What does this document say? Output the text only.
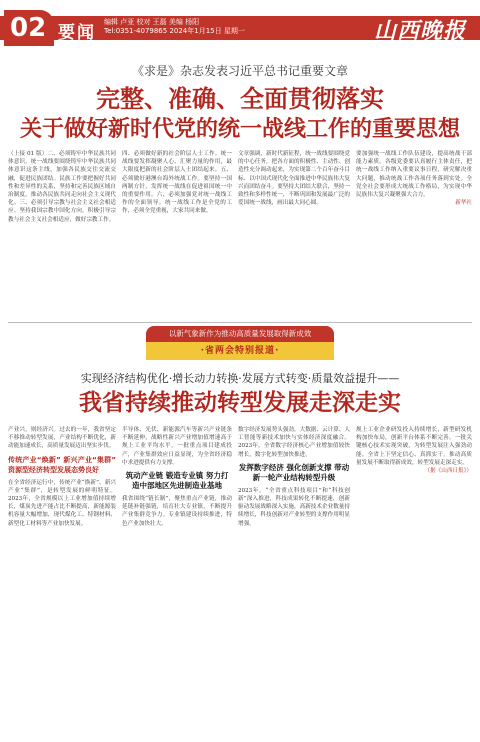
02 要闻
编辑 卢亚 校对 王磊 美编 杨阳
Tel:0351-4079865 2024年1月15日 星期一	山西晚报
《求是》杂志发表习近平总书记重要文章
完整、准确、全面贯彻落实
关于做好新时代党的统一战线工作的重要思想
（上接 01 版）二、必须铸牢中华民族共同体意识。统一战线要围绕铸牢中华民族共同体意识这条主线，加强各民族交往交流交融，促进民族团结。民族工作要把握好共同性和差异性的关系，坚持和完善民族区域自治制度，推动各民族共同走向社会主义现代化。三、必须引导宗教与社会主义社会相适应。坚持我国宗教中国化方向，积极引导宗教与社会主义社会相适应，做好宗教工作。
四、必须做好新的社会阶层人士工作。统一战线要发挥凝聚人心、汇聚力量的作用，最大限度把新的社会阶层人士团结起来。五、必须做好港澳台海外统战工作。要坚持一国两制方针，发挥统一战线在促进祖国统一中的重要作用。六、必须加强党对统一战线工作的全面领导。统一战线工作是全党的工作，必须全党重视，大家共同来做。
文章强调，新时代新征程，统一战线要围绕党的中心任务，把各方面的积极性、主动性、创造性充分调动起来，为实现第二个百年奋斗目标、以中国式现代化全面推进中华民族伟大复兴而团结奋斗。要坚持大团结大联合，坚持一致性和多样性统一，不断巩固和发展最广泛的爱国统一战线，画出最大同心圆。
要加强统一战线工作队伍建设，提高统战干部能力素质。各级党委要认真履行主体责任，把统一战线工作纳入重要议事日程，研究解决重大问题，推动统战工作各项任务落到实处。全党全社会要形成大统战工作格局，为实现中华民族伟大复兴凝聚强大合力。
新华社
以新气象新作为推动高质量发展取得新成效
·省两会特别报道·
实现经济结构优化·增长动力转换·发展方式转变·质量效益提升——
我省持续推动转型发展走深走实
产业兴，则经济兴。过去的一年，我省坚定不移推动转型发展，产业结构不断优化，新动能加速成长，高质量发展迈出坚实步伐。
传统产业“焕新” 新兴产业“集群” 资源型经济转型发展态势良好
在全省经济运行中，传统产业“焕新”、新兴产业“集群”，是转型发展的鲜明特征。2023年，全省规模以上工业增加值持续增长，煤炭先进产能占比不断提高，新能源装机容量大幅增加，现代煤化工、特钢材料、新型化工材料等产业加快发展。
半导体、光伏、新能源汽车等新兴产业链条不断延伸，战略性新兴产业增加值增速高于规上工业平均水平。一批重点项目建成投产，产业集群效应日益显现，为全省经济稳中求进提供有力支撑。
筑动产业链 锻造专业镇 努力打造中部地区先进制造业基地
我省围绕“链长制”，聚焦重点产业链，推动延链补链强链，培育壮大专业镇，不断提升产业集群竞争力。专业镇建设持续推进，特色产业加快壮大。
数字经济发展势头强劲，大数据、云计算、人工智能等新技术加快与实体经济深度融合。2023年，全省数字经济核心产业增加值较快增长，数字化转型加快推进。
发挥数字经济 强化创新支撑 带动新一轮产业结构转型升级
2023年，“全省重点科技项目”和“科技创新”深入推进，科技成果转化不断提速，创新驱动发展战略深入实施，高新技术企业数量持续增长，科技创新对产业转型的支撑作用明显增强。
规上工业企业研发投入持续增长，新型研发机构加快布局，创新平台体系不断完善。一批关键核心技术实现突破，为转型发展注入强劲动能。全省上下坚定信心、真抓实干，推动高质量发展不断取得新成效，转型发展走深走实。
（据《山西日报》）
